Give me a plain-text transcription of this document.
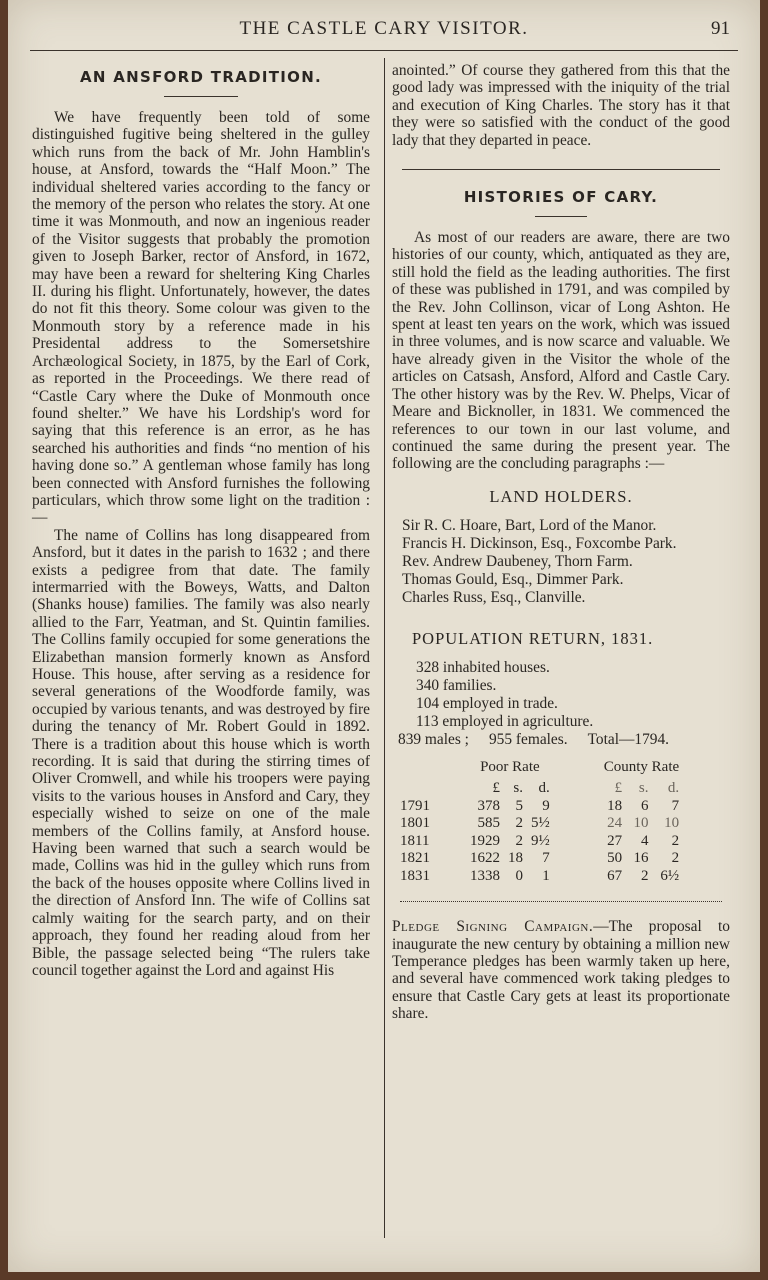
THE CASTLE CARY VISITOR.	91
AN ANSFORD TRADITION.

We have frequently been told of some distinguished fugitive being sheltered in the gulley which runs from the back of Mr. John Hamblin's house, at Ansford, towards the “Half Moon.” The individual sheltered varies according to the fancy or the memory of the person who relates the story. At one time it was Monmouth, and now an ingenious reader of the Visitor suggests that probably the promotion given to Joseph Barker, rector of Ansford, in 1672, may have been a reward for sheltering King Charles II. during his flight. Unfortunately, however, the dates do not fit this theory. Some colour was given to the Monmouth story by a reference made in his Presidental address to the Somersetshire Archæological Society, in 1875, by the Earl of Cork, as reported in the Proceedings. We there read of “Castle Cary where the Duke of Monmouth once found shelter.” We have his Lordship's word for saying that this reference is an error, as he has searched his authorities and finds “no mention of his having done so.” A gentleman whose family has long been connected with Ansford furnishes the following particulars, which throw some light on the tradition :—

The name of Collins has long disappeared from Ansford, but it dates in the parish to 1632 ; and there exists a pedigree from that date. The family intermarried with the Boweys, Watts, and Dalton (Shanks house) families. The family was also nearly allied to the Farr, Yeatman, and St. Quintin families. The Collins family occupied for some generations the Elizabethan mansion formerly known as Ansford House. This house, after serving as a residence for several generations of the Woodforde family, was occupied by various tenants, and was destroyed by fire during the tenancy of Mr. Robert Gould in 1892. There is a tradition about this house which is worth recording. It is said that during the stirring times of Oliver Cromwell, and while his troopers were paying visits to the various houses in Ansford and Cary, they especially wished to seize on one of the male members of the Collins family, at Ansford house. Having been warned that such a search would be made, Collins was hid in the gulley which runs from the back of the houses opposite where Collins lived in the direction of Ansford Inn. The wife of Collins sat calmly waiting for the search party, and on their approach, they found her reading aloud from her Bible, the passage selected being “The rulers take council together against the Lord and against His

anointed.” Of course they gathered from this that the good lady was impressed with the iniquity of the trial and execution of King Charles. The story has it that they were so satisfied with the conduct of the good lady that they departed in peace.

HISTORIES OF CARY.

As most of our readers are aware, there are two histories of our county, which, antiquated as they are, still hold the field as the leading authorities. The first of these was published in 1791, and was compiled by the Rev. John Collinson, vicar of Long Ashton. He spent at least ten years on the work, which was issued in three volumes, and is now scarce and valuable. We have already given in the Visitor the whole of the articles on Catsash, Ansford, Alford and Castle Cary. The other history was by the Rev. W. Phelps, Vicar of Meare and Bicknoller, in 1831. We commenced the references to our town in our last volume, and continued the same during the present year. The following are the concluding paragraphs :—

LAND HOLDERS.

Sir R. C. Hoare, Bart, Lord of the Manor.

Francis H. Dickinson, Esq., Foxcombe Park.

Rev. Andrew Daubeney, Thorn Farm.

Thomas Gould, Esq., Dimmer Park.

Charles Russ, Esq., Clanville.

POPULATION RETURN, 1831.

328 inhabited houses.

340 families.

104 employed in trade.

113 employed in agriculture.

839 males ; 955 females. Total—1794.
	Poor Rate				County Rate		
	£	s.	d.		£	s.	d.
1791	378	5	9		18	6	7
1801	585	2	5½		24	10	10
1811	1929	2	9½		27	4	2
1821	1622	18	7		50	16	2
1831	1338	0	1		67	2	6½

Pledge Signing Campaign.—The proposal to inaugurate the new century by obtaining a million new Temperance pledges has been warmly taken up here, and several have commenced work taking pledges to ensure that Castle Cary gets at least its proportionate share.
